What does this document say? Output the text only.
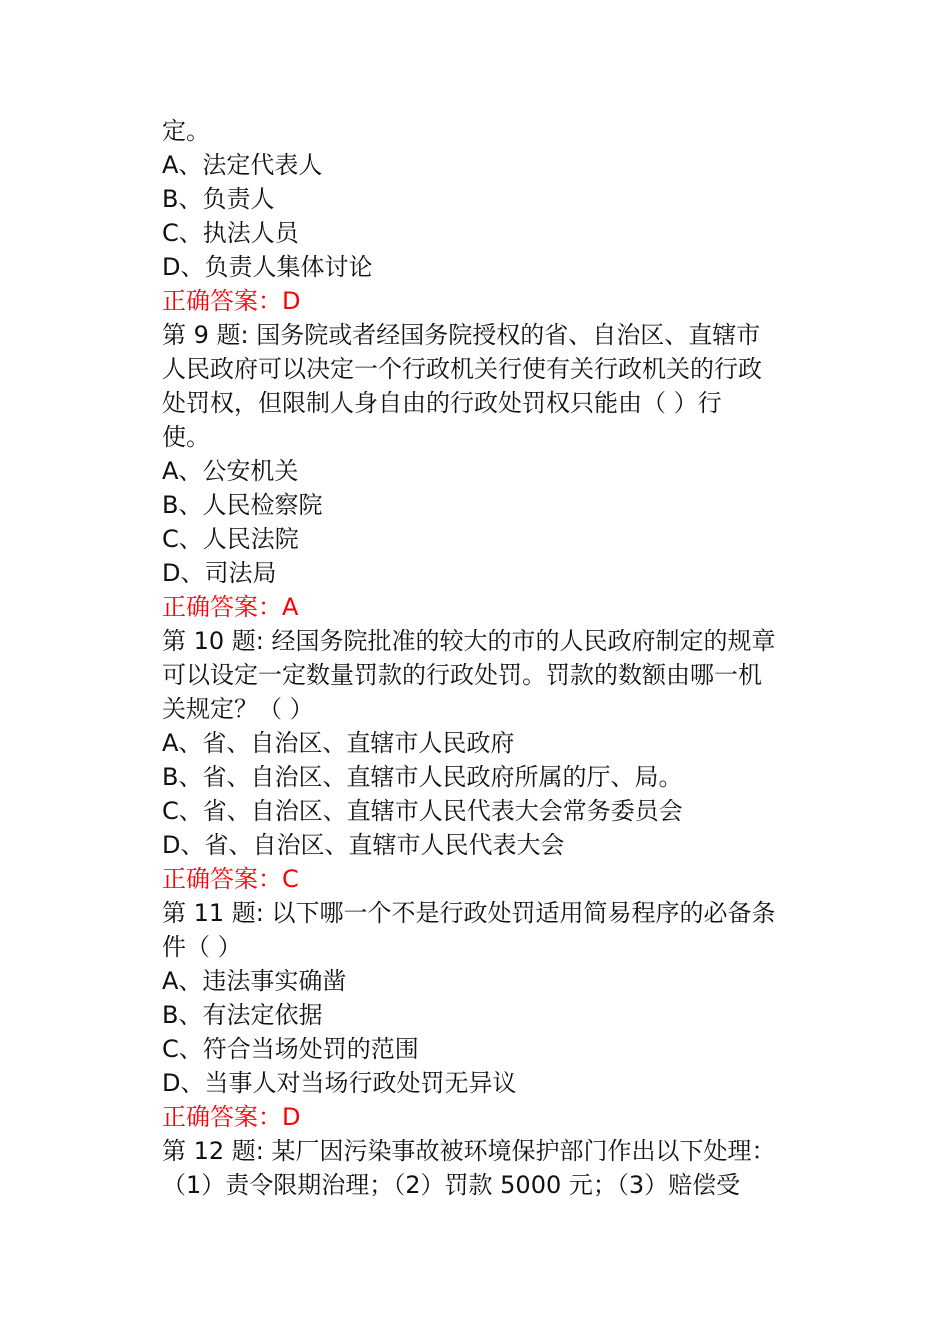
定。
A、法定代表人
B、负责人
C、执法人员
D、负责人集体讨论
正确答案：D
第 9 题: 国务院或者经国务院授权的省、自治区、直辖市
人民政府可以决定一个行政机关行使有关行政机关的行政
处罚权，但限制人身自由的行政处罚权只能由（ ）行
使。
A、公安机关
B、人民检察院
C、人民法院
D、司法局
正确答案：A
第 10 题: 经国务院批准的较大的市的人民政府制定的规章
可以设定一定数量罚款的行政处罚。罚款的数额由哪一机
关规定？（ ）
A、省、自治区、直辖市人民政府
B、省、自治区、直辖市人民政府所属的厅、局。
C、省、自治区、直辖市人民代表大会常务委员会
D、省、自治区、直辖市人民代表大会
正确答案：C
第 11 题: 以下哪一个不是行政处罚适用简易程序的必备条
件（ ）
A、违法事实确凿
B、有法定依据
C、符合当场处罚的范围
D、当事人对当场行政处罚无异议
正确答案：D
第 12 题: 某厂因污染事故被环境保护部门作出以下处理：
（1）责令限期治理；（2）罚款 5000 元；（3）赔偿受
